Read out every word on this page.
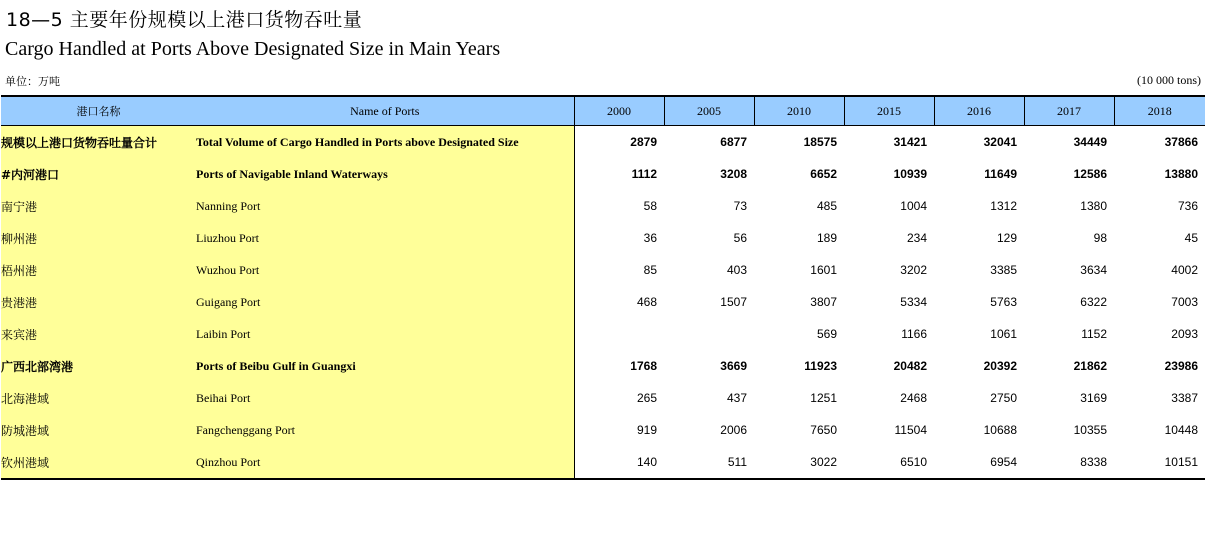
18—5 主要年份规模以上港口货物吞吐量
Cargo Handled at Ports Above Designated Size in Main Years
单位：万吨	(10 000 tons)
港口名称	Name of Ports	2000	2005	2010	2015	2016	2017	2018
规模以上港口货物吞吐量合计	Total Volume of Cargo Handled in Ports above Designated Size	2879	6877	18575	31421	32041	34449	37866
#内河港口	Ports of Navigable Inland Waterways	1112	3208	6652	10939	11649	12586	13880
南宁港	Nanning Port	58	73	485	1004	1312	1380	736
柳州港	Liuzhou Port	36	56	189	234	129	98	45
梧州港	Wuzhou Port	85	403	1601	3202	3385	3634	4002
贵港港	Guigang Port	468	1507	3807	5334	5763	6322	7003
来宾港	Laibin Port			569	1166	1061	1152	2093
广西北部湾港	Ports of Beibu Gulf in Guangxi	1768	3669	11923	20482	20392	21862	23986
北海港域	Beihai Port	265	437	1251	2468	2750	3169	3387
防城港域	Fangchenggang Port	919	2006	7650	11504	10688	10355	10448
钦州港域	Qinzhou Port	140	511	3022	6510	6954	8338	10151
